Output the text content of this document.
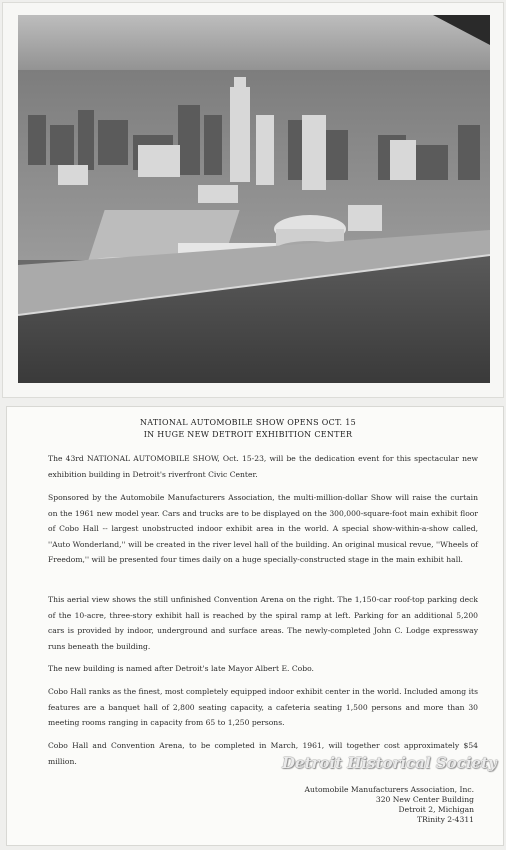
NATIONAL AUTOMOBILE SHOW OPENS OCT. 15
IN HUGE NEW DETROIT EXHIBITION CENTER
The 43rd NATIONAL AUTOMOBILE SHOW, Oct. 15-23, will be the dedication event for this spectacular new exhibition building in Detroit's riverfront Civic Center.
Sponsored by the Automobile Manufacturers Association, the multi-million-dollar Show will raise the curtain on the 1961 new model year. Cars and trucks are to be displayed on the 300,000-square-foot main exhibit floor of Cobo Hall -- largest unobstructed indoor exhibit area in the world. A special show-within-a-show called, ''Auto Wonderland,'' will be created in the river level hall of the building. An original musical revue, ''Wheels of Freedom,'' will be presented four times daily on a huge specially-constructed stage in the main exhibit hall.
This aerial view shows the still unfinished Convention Arena on the right. The 1,150-car roof-top parking deck of the 10-acre, three-story exhibit hall is reached by the spiral ramp at left. Parking for an additional 5,200 cars is provided by indoor, underground and surface areas. The newly-completed John C. Lodge expressway runs beneath the building.
The new building is named after Detroit's late Mayor Albert E. Cobo.
Cobo Hall ranks as the finest, most completely equipped indoor exhibit center in the world. Included among its features are a banquet hall of 2,800 seating capacity, a cafeteria seating 1,500 persons and more than 30 meeting rooms ranging in capacity from 65 to 1,250 persons.
Cobo Hall and Convention Arena, to be completed in March, 1961, will together cost approximately $54 million.
Automobile Manufacturers Association, Inc.
320 New Center Building
Detroit 2, Michigan
TRinity 2-4311
Detroit Historical Society
